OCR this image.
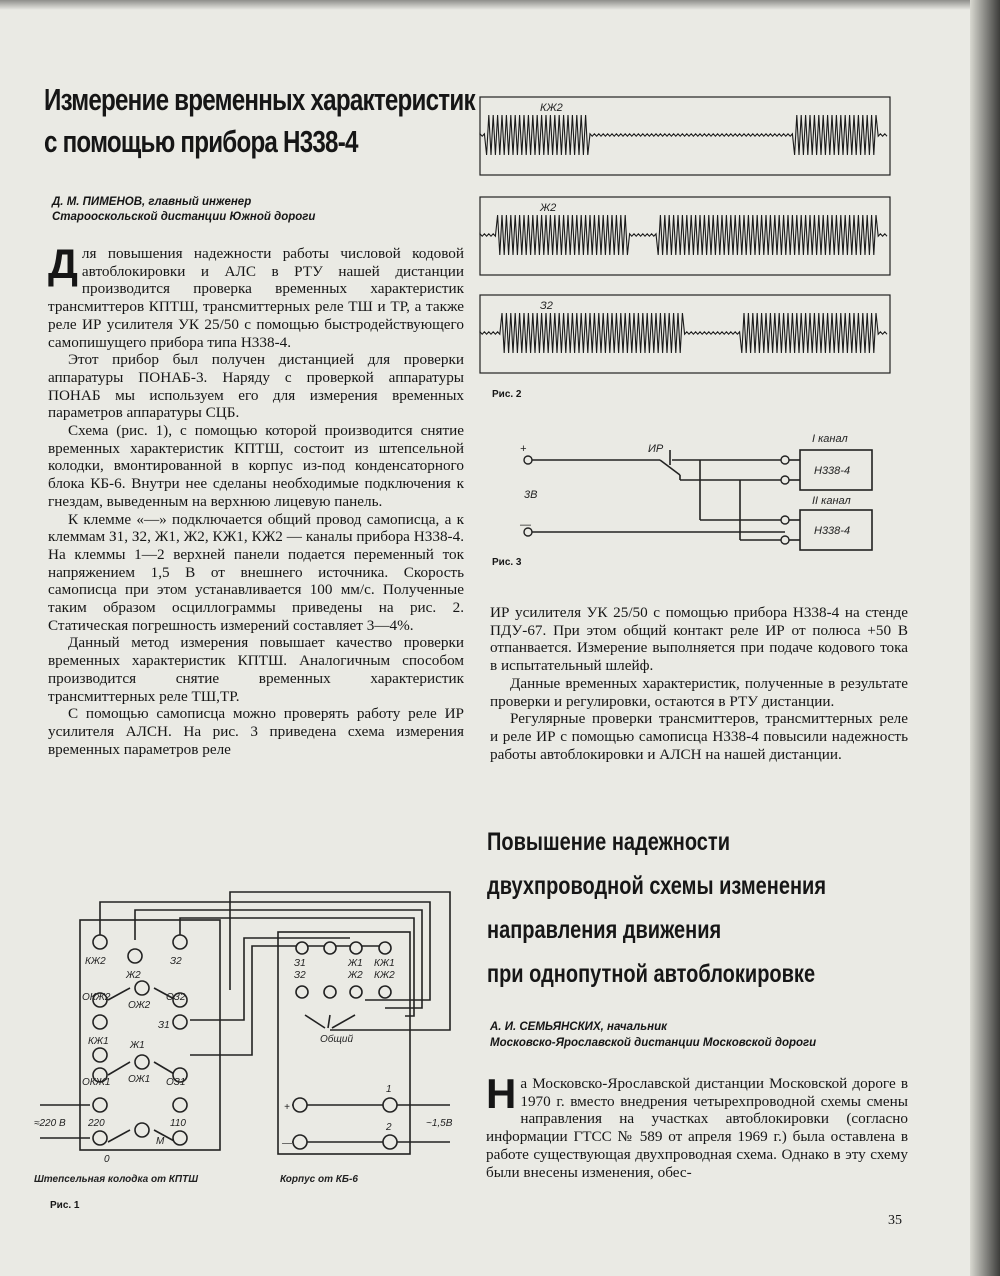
Измерение временных характеристик
с помощью прибора Н338-4
Д. М. ПИМЕНОВ, главный инженер
Старооскольской дистанции Южной дороги

Для повышения надежности работы числовой кодовой автоблокировки и АЛС в РТУ нашей дистанции производится проверка временных характеристик трансмиттеров КПТШ, трансмиттерных реле ТШ и ТР, а также реле ИР усилителя УК 25/50 с помощью быстродействующего самопишущего прибора типа Н338-4.

Этот прибор был получен дистанцией для проверки аппаратуры ПОНАБ-3. Наряду с проверкой аппаратуры ПОНАБ мы используем его для измерения временных параметров аппаратуры СЦБ.

Схема (рис. 1), с помощью которой производится снятие временных характеристик КПТШ, состоит из штепсельной колодки, вмонтированной в корпус из-под конденсаторного блока КБ-6. Внутри нее сделаны необходимые подключения к гнездам, выведенным на верхнюю лицевую панель.

К клемме «—» подключается общий провод самописца, а к клеммам З1, З2, Ж1, Ж2, КЖ1, КЖ2 — каналы прибора Н338-4. На клеммы 1—2 верхней панели подается переменный ток напряжением 1,5 В от внешнего источника. Скорость самописца при этом устанавливается 100 мм/с. Полученные таким образом осциллограммы приведены на рис. 2. Статическая погрешность измерений составляет 3—4%.

Данный метод измерения повышает качество проверки временных характеристик КПТШ. Аналогичным способом производится снятие временных характеристик трансмиттерных реле ТШ,ТР.

С помощью самописца можно проверять работу реле ИР усилителя АЛСН. На рис. 3 приведена схема измерения временных параметров реле

КЖ2
Ж2
З2
ОКЖ2
ОЖ2
ОЗ2
З1
КЖ1 Ж1
ОКЖ1 ОЖ1 ОЗ1
220	110
0
М
≈220 В
З1
З2
Ж1
Ж2
КЖ1
КЖ2
Общий
1
2	~1,5В
+
—
Штепсельная колодка от КПТШ	Корпус от КБ-6
Рис. 1
КЖ2
Ж2
З2
Рис. 2
+
—
ИР
3В
I канал
II канал
Н338-4
Н338-4
Рис. 3

ИР усилителя УК 25/50 с помощью прибора Н338-4 на стенде ПДУ-67. При этом общий контакт реле ИР от полюса +50 В отпанвается. Измерение выполняется при подаче кодового тока в испытательный шлейф.

Данные временных характеристик, полученные в результате проверки и регулировки, остаются в РТУ дистанции.

Регулярные проверки трансмиттеров, трансмиттерных реле и реле ИР с помощью самописца Н338-4 повысили надежность работы автоблокировки и АЛСН на нашей дистанции.

Повышение надежности
двухпроводной схемы изменения
направления движения
при однопутной автоблокировке
А. И. СЕМЬЯНСКИХ, начальник
Московско-Ярославской дистанции Московской дороги

На Московско-Ярославской дистанции Московской дороге в 1970 г. вместо внедрения четырехпроводной схемы смены направления на участках автоблокировки (согласно информации ГТСС № 589 от апреля 1969 г.) была оставлена в работе существующая двухпроводная схема. Однако в эту схему были внесены изменения, обес-

35
